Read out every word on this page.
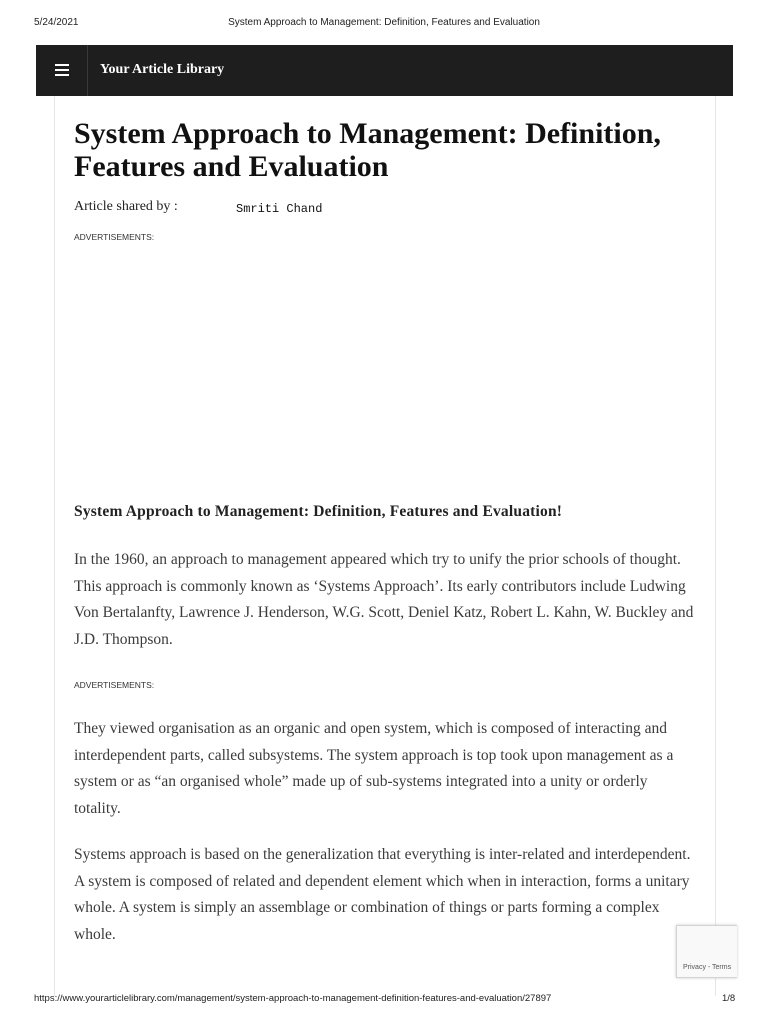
5/24/2021	System Approach to Management: Definition, Features and Evaluation
Your Article Library
System Approach to Management: Definition, Features and Evaluation
Article shared by :	Smriti Chand
ADVERTISEMENTS:

System Approach to Management: Definition, Features and Evaluation!

In the 1960, an approach to management appeared which try to unify the prior schools of thought. This approach is commonly known as ‘Systems Approach’. Its early contributors include Ludwing Von Bertalanfty, Lawrence J. Henderson, W.G. Scott, Deniel Katz, Robert L. Kahn, W. Buckley and J.D. Thompson.

ADVERTISEMENTS:

They viewed organisation as an organic and open system, which is composed of interacting and interdependent parts, called subsystems. The system approach is top took upon management as a system or as “an organised whole” made up of sub-systems integrated into a unity or orderly totality.

Systems approach is based on the generalization that everything is inter-related and interdependent. A system is composed of related and dependent element which when in interaction, forms a unitary whole. A system is simply an assemblage or combination of things or parts forming a complex whole.

Privacy - Terms
https://www.yourarticlelibrary.com/management/system-approach-to-management-definition-features-and-evaluation/27897	1/8
